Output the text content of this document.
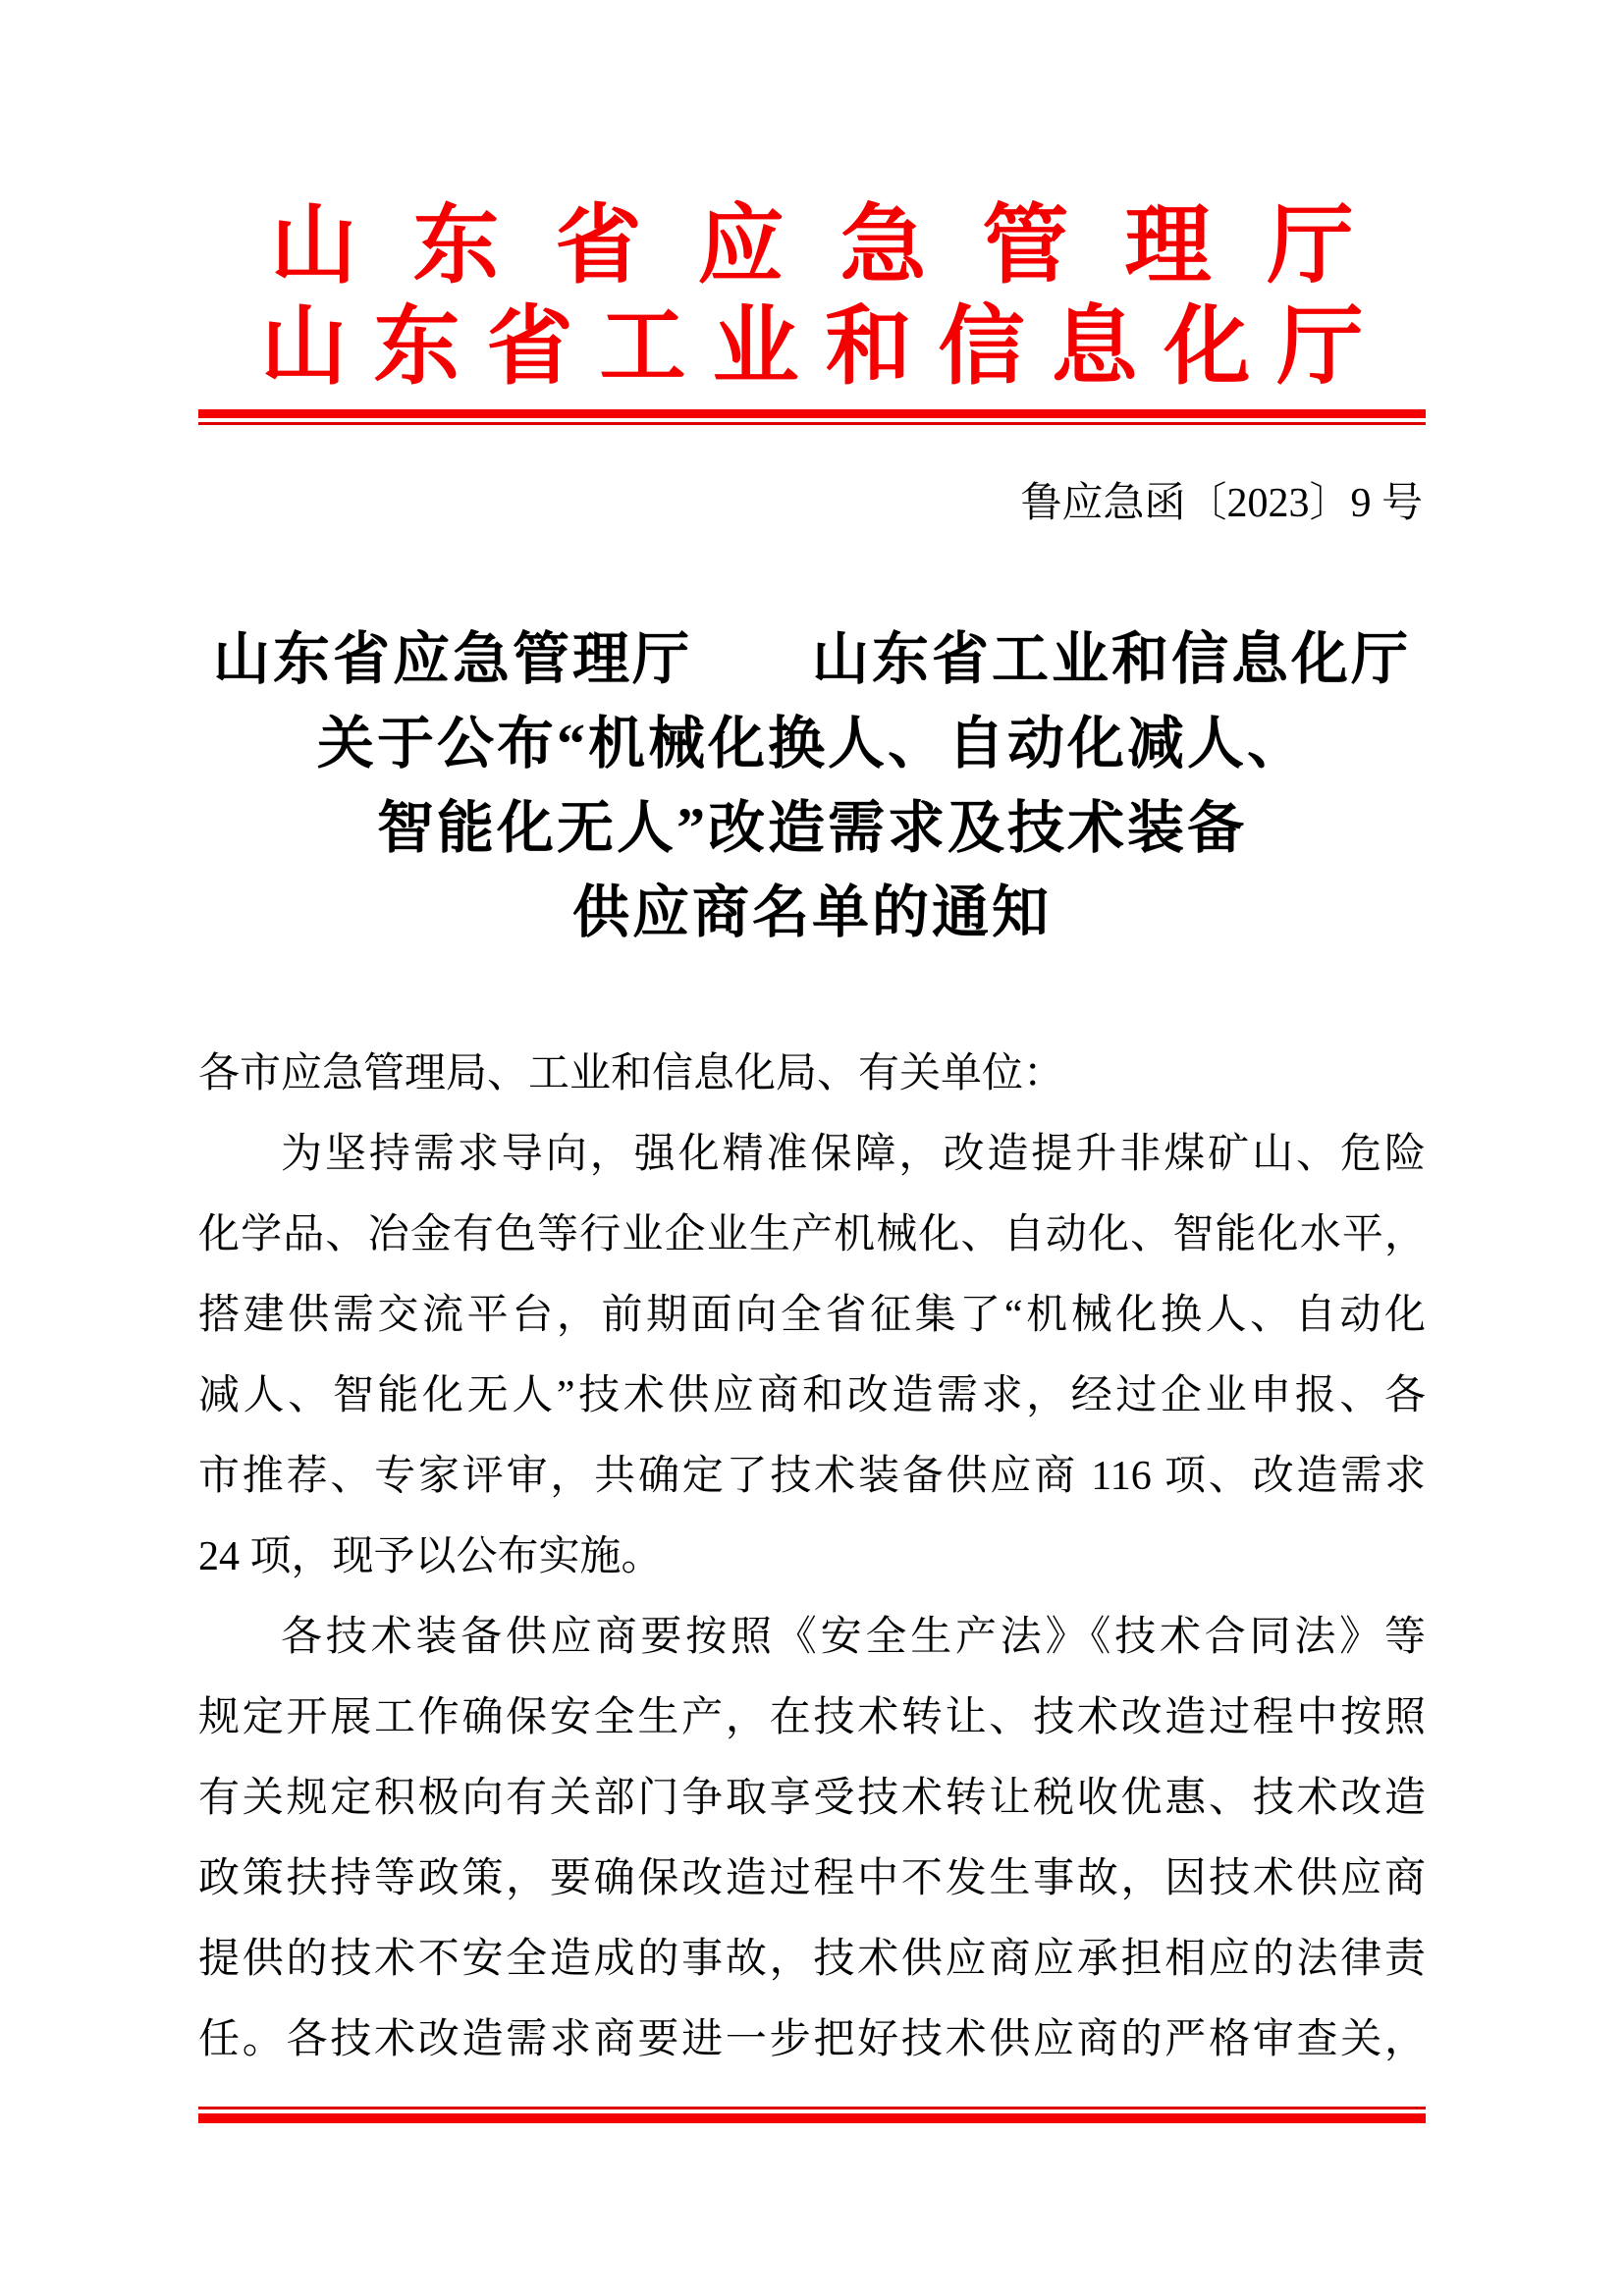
山东省应急管理厅
山东省工业和信息化厅
鲁应急函〔2023〕9 号
山东省应急管理厅　　山东省工业和信息化厅
关于公布“机械化换人、自动化减人、
智能化无人”改造需求及技术装备
供应商名单的通知
各市应急管理局、工业和信息化局、有关单位：
为坚持需求导向，强化精准保障，改造提升非煤矿山、危险
化学品、冶金有色等行业企业生产机械化、自动化、智能化水平，
搭建供需交流平台，前期面向全省征集了“机械化换人、自动化
减人、智能化无人”技术供应商和改造需求，经过企业申报、各
市推荐、专家评审，共确定了技术装备供应商 116 项、改造需求
24 项，现予以公布实施。
各技术装备供应商要按照《安全生产法》《技术合同法》等
规定开展工作确保安全生产，在技术转让、技术改造过程中按照
有关规定积极向有关部门争取享受技术转让税收优惠、技术改造
政策扶持等政策，要确保改造过程中不发生事故，因技术供应商
提供的技术不安全造成的事故，技术供应商应承担相应的法律责
任。各技术改造需求商要进一步把好技术供应商的严格审查关，
